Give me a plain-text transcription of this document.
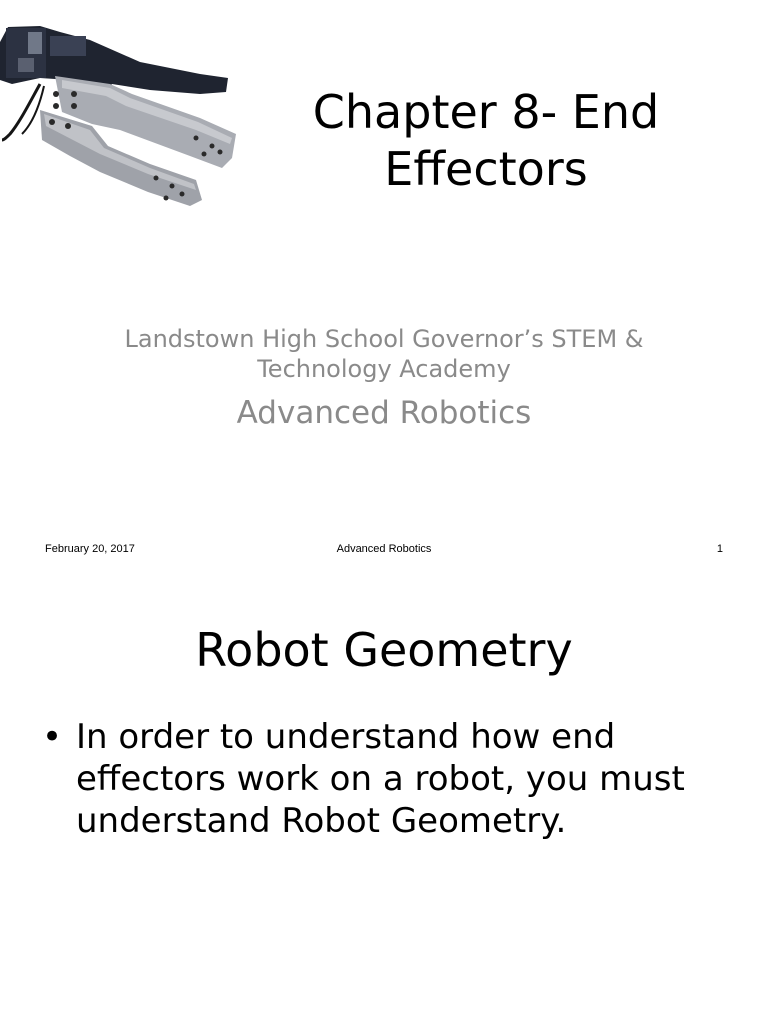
Chapter 8- End Effectors
Landstown High School Governor’s STEM & Technology Academy
Advanced Robotics
February 20, 2017	Advanced Robotics	1
Robot Geometry
• In order to understand how end effectors work on a robot, you must understand Robot Geometry.
